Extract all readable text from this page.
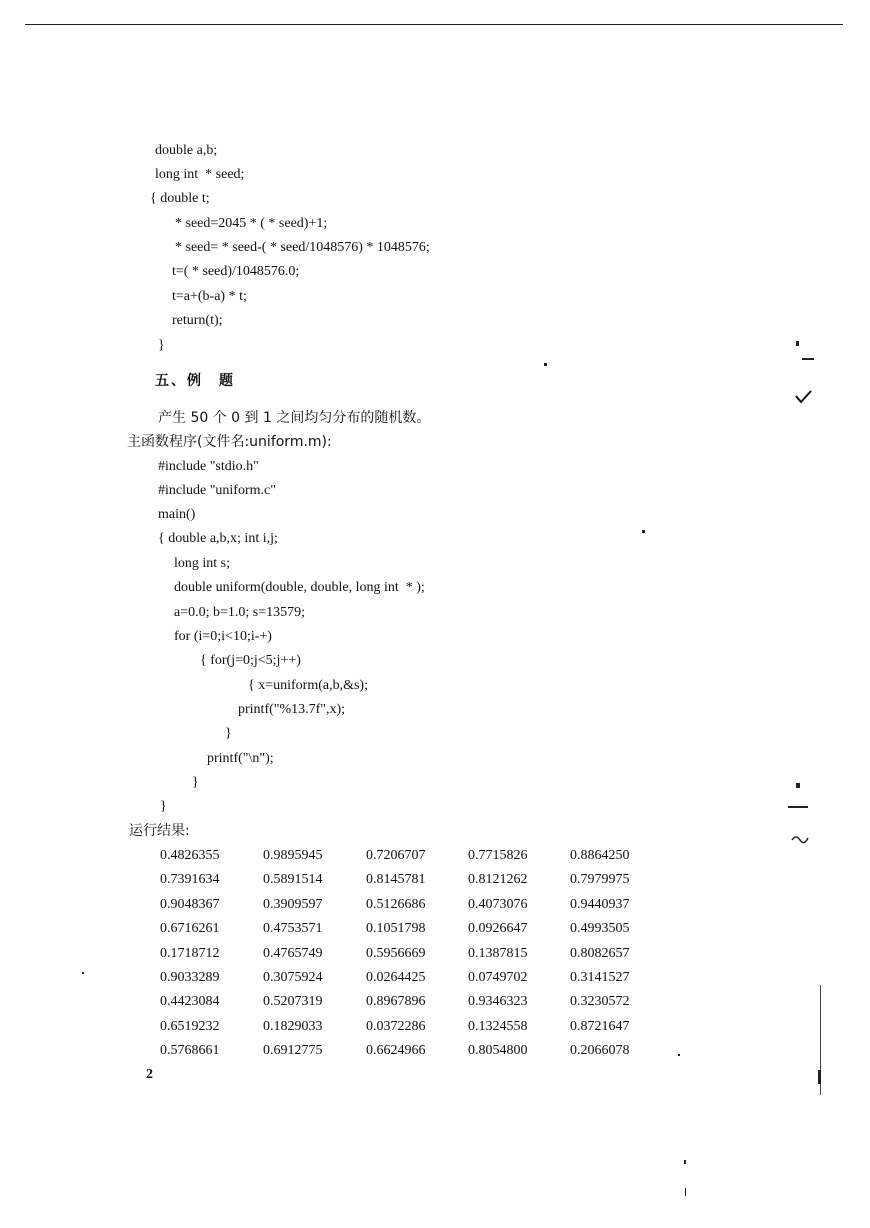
double a,b;
long int  * seed;
{ double t;
* seed=2045 * ( * seed)+1;
* seed= * seed-( * seed/1048576) * 1048576;
t=( * seed)/1048576.0;
t=a+(b-a) * t;
return(t);
}
五、例　题
产生 50 个 0 到 1 之间均匀分布的随机数。
主函数程序(文件名:uniform.m):
#include "stdio.h"
#include "uniform.c"
main()
{ double a,b,x; int i,j;
long int s;
double uniform(double, double, long int  * );
a=0.0; b=1.0; s=13579;
for (i=0;i<10;i-+)
{ for(j=0;j<5;j++)
{ x=uniform(a,b,&s);
printf("%13.7f",x);
}
printf("\n");
}
}
运行结果:
0.4826355	0.9895945	0.7206707	0.7715826	0.8864250
0.7391634	0.5891514	0.8145781	0.8121262	0.7979975
0.9048367	0.3909597	0.5126686	0.4073076	0.9440937
0.6716261	0.4753571	0.1051798	0.0926647	0.4993505
0.1718712	0.4765749	0.5956669	0.1387815	0.8082657
0.9033289	0.3075924	0.0264425	0.0749702	0.3141527
0.4423084	0.5207319	0.8967896	0.9346323	0.3230572
0.6519232	0.1829033	0.0372286	0.1324558	0.8721647
0.5768661	0.6912775	0.6624966	0.8054800	0.2066078
2
